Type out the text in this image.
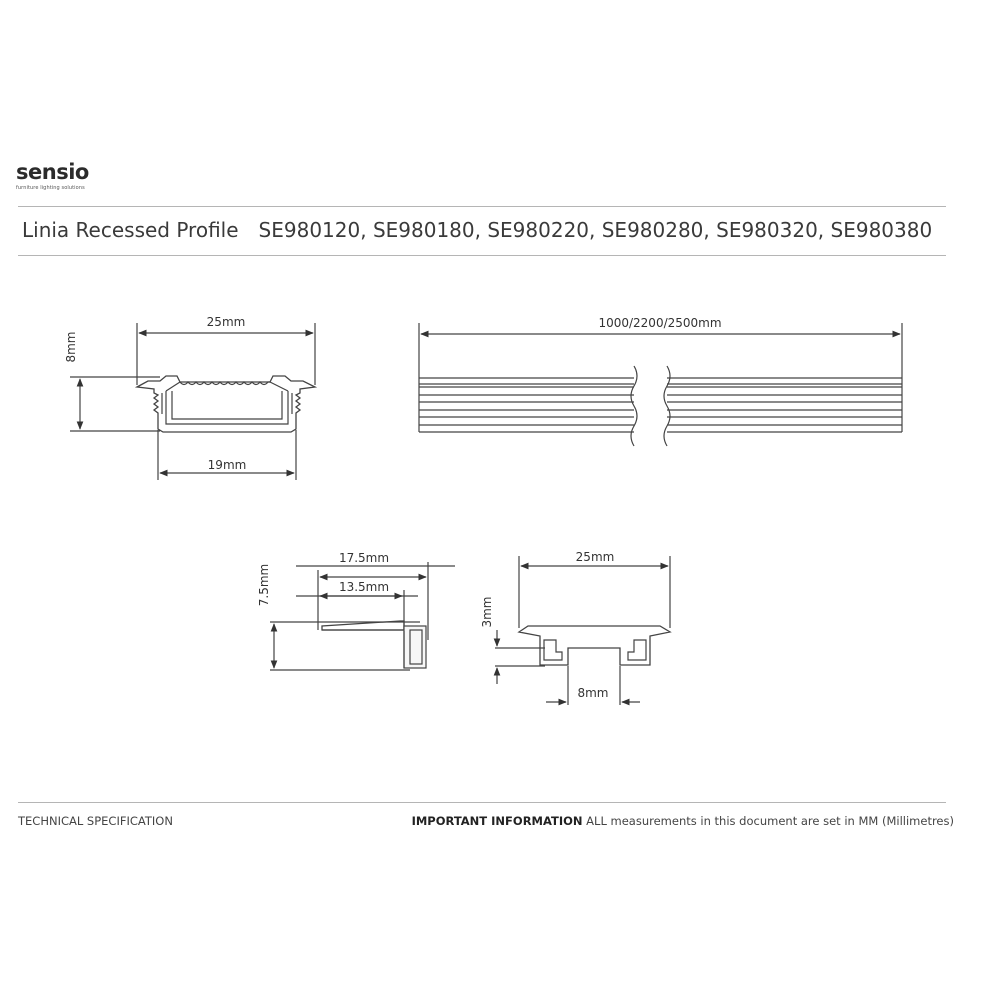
sensio
furniture lighting solutions
Linia Recessed Profile SE980120, SE980180, SE980220, SE980280, SE980320, SE980380
25mm
19mm
8mm
1000/2200/2500mm
17.5mm
13.5mm
7.5mm
25mm
3mm
8mm
TECHNICAL SPECIFICATION	IMPORTANT INFORMATION ALL measurements in this document are set in MM (Millimetres)
